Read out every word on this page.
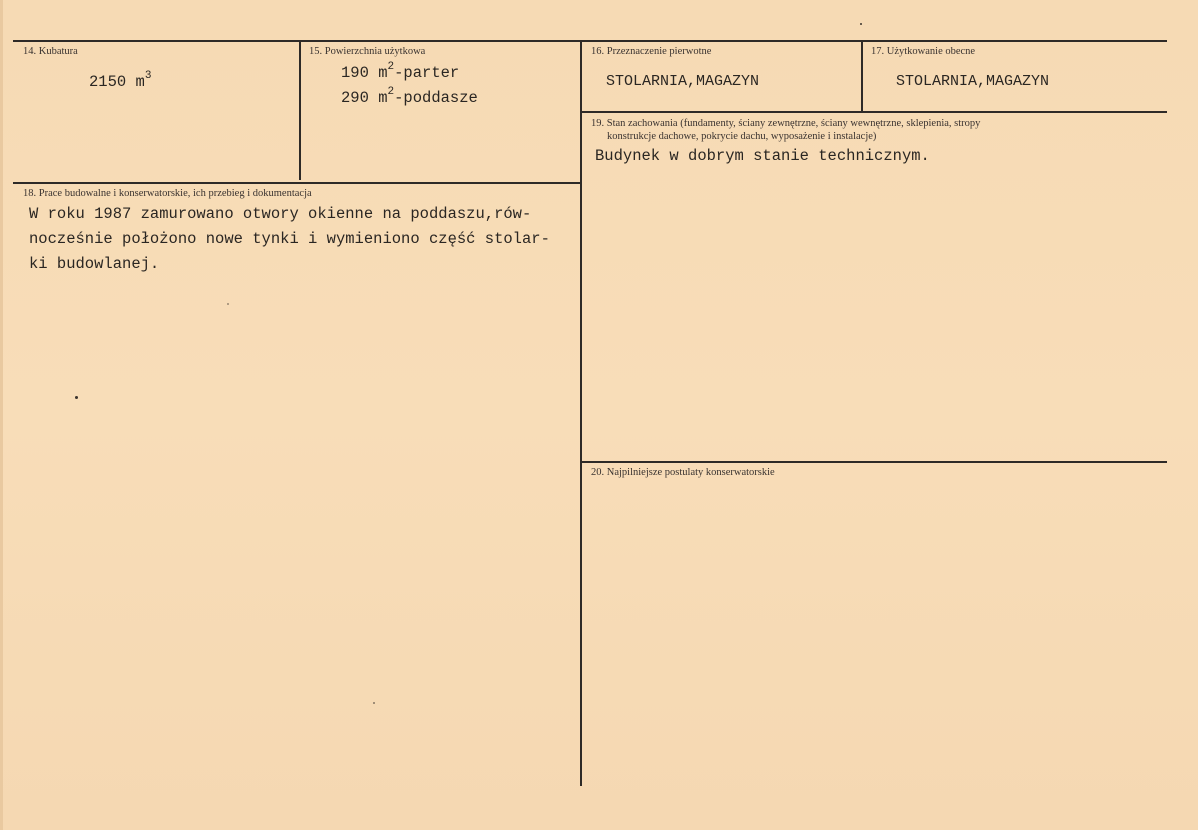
14. Kubatura
2150 $m^3$
15. Powierzchnia użytkowa
190 $m^2$-parter
290 $m^2$-poddasze
16. Przeznaczenie pierwotne
STOLARNIA,MAGAZYN
17. Użytkowanie obecne
STOLARNIA,MAGAZYN
19. Stan zachowania (fundamenty, ściany zewnętrzne, ściany wewnętrzne, sklepienia, stropy
konstrukcje dachowe, pokrycie dachu, wyposażenie i instalacje)
Budynek w dobrym stanie technicznym.
18. Prace budowalne i konserwatorskie, ich przebieg i dokumentacja
W roku 1987 zamurowano otwory okienne na poddaszu,rów-
nocześnie położono nowe tynki i wymieniono część stolar-
ki budowlanej.
20. Najpilniejsze postulaty konserwatorskie
